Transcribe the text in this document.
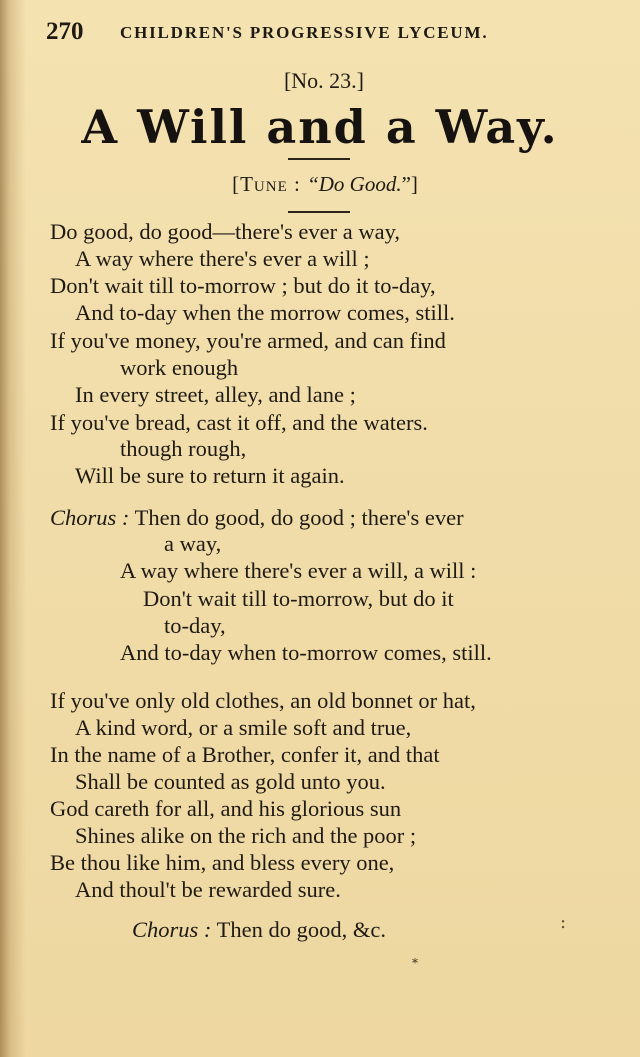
270 CHILDREN'S PROGRESSIVE LYCEUM.
[No. 23.]
A Will and a Way.
[Tune : “Do Good.”]
Do good, do good—there's ever a way,
A way where there's ever a will ;
Don't wait till to-morrow ; but do it to-day,
And to-day when the morrow comes, still.
If you've money, you're armed, and can find
work enough
In every street, alley, and lane ;
If you've bread, cast it off, and the waters.
though rough,
Will be sure to return it again.
Chorus : Then do good, do good ; there's ever
a way,
A way where there's ever a will, a will :
Don't wait till to-morrow, but do it
to-day,
And to-day when to-morrow comes, still.
If you've only old clothes, an old bonnet or hat,
A kind word, or a smile soft and true,
In the name of a Brother, confer it, and that
Shall be counted as gold unto you.
God careth for all, and his glorious sun
Shines alike on the rich and the poor ;
Be thou like him, and bless every one,
And thoul't be rewarded sure.
Chorus : Then do good, &c.	:
*
